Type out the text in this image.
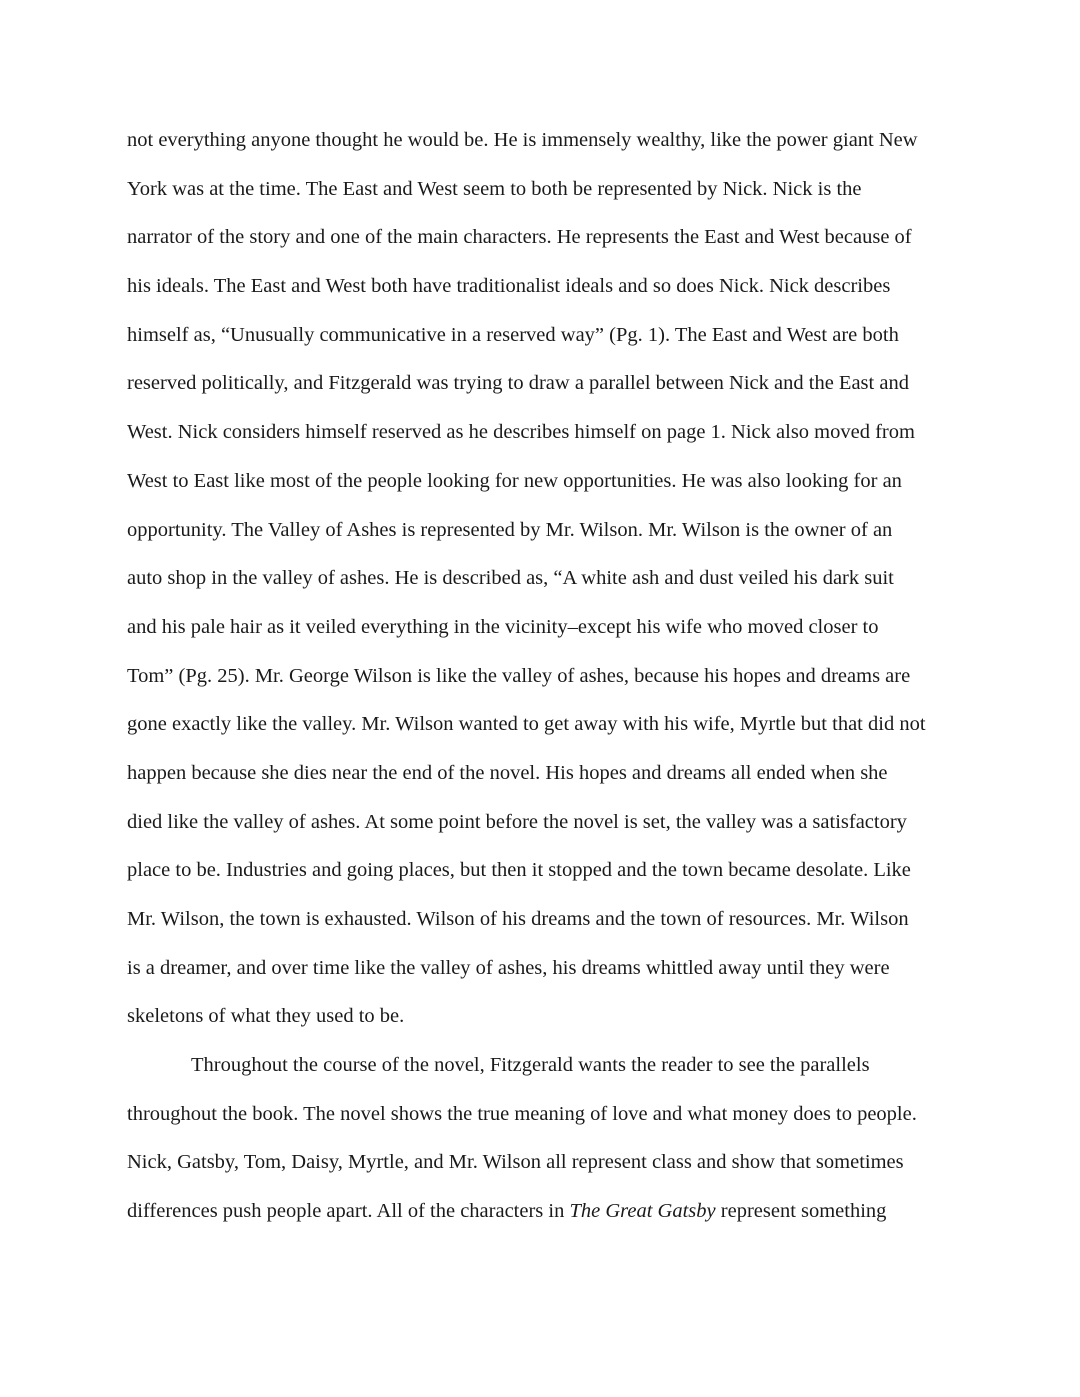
not everything anyone thought he would be. He is immensely wealthy, like the power giant New
York was at the time. The East and West seem to both be represented by Nick. Nick is the
narrator of the story and one of the main characters. He represents the East and West because of
his ideals. The East and West both have traditionalist ideals and so does Nick. Nick describes
himself as, “Unusually communicative in a reserved way” (Pg. 1). The East and West are both
reserved politically, and Fitzgerald was trying to draw a parallel between Nick and the East and
West. Nick considers himself reserved as he describes himself on page 1. Nick also moved from
West to East like most of the people looking for new opportunities. He was also looking for an
opportunity. The Valley of Ashes is represented by Mr. Wilson. Mr. Wilson is the owner of an
auto shop in the valley of ashes. He is described as, “A white ash and dust veiled his dark suit
and his pale hair as it veiled everything in the vicinity–except his wife who moved closer to
Tom” (Pg. 25). Mr. George Wilson is like the valley of ashes, because his hopes and dreams are
gone exactly like the valley. Mr. Wilson wanted to get away with his wife, Myrtle but that did not
happen because she dies near the end of the novel. His hopes and dreams all ended when she
died like the valley of ashes. At some point before the novel is set, the valley was a satisfactory
place to be. Industries and going places, but then it stopped and the town became desolate. Like
Mr. Wilson, the town is exhausted. Wilson of his dreams and the town of resources. Mr. Wilson
is a dreamer, and over time like the valley of ashes, his dreams whittled away until they were
skeletons of what they used to be.
Throughout the course of the novel, Fitzgerald wants the reader to see the parallels
throughout the book. The novel shows the true meaning of love and what money does to people.
Nick, Gatsby, Tom, Daisy, Myrtle, and Mr. Wilson all represent class and show that sometimes
differences push people apart. All of the characters in The Great Gatsby represent something
